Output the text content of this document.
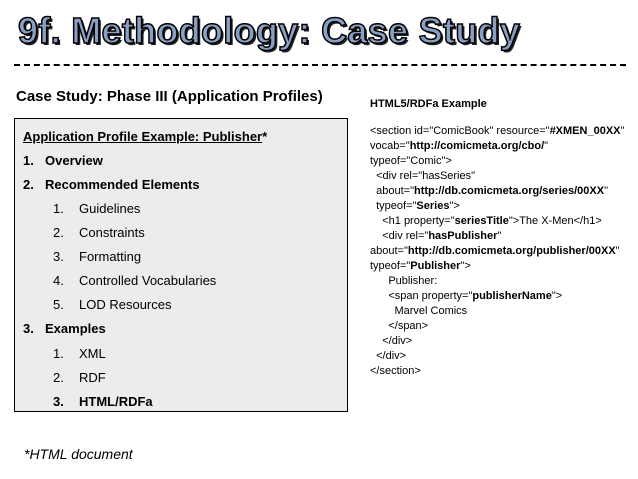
9f. Methodology: Case Study
·
Case Study: Phase III (Application Profiles)
Application Profile Example: Publisher*
1. Overview
2. Recommended Elements
1. Guidelines
2. Constraints
3. Formatting
4. Controlled Vocabularies
5. LOD Resources
3. Examples
1. XML
2. RDF
3. HTML/RDFa
*HTML document
HTML5/RDFa Example
<section id="ComicBook" resource="#XMEN_00XX"
vocab="http://comicmeta.org/cbo/"
typeof="Comic">
<div rel="hasSeries"
about="http://db.comicmeta.org/series/00XX"
typeof="Series">
<h1 property="seriesTitle">The X-Men</h1>
<div rel="hasPublisher"
about="http://db.comicmeta.org/publisher/00XX"
typeof="Publisher">
Publisher:
<span property="publisherName">
Marvel Comics
</span>
</div>
</div>
</section>
